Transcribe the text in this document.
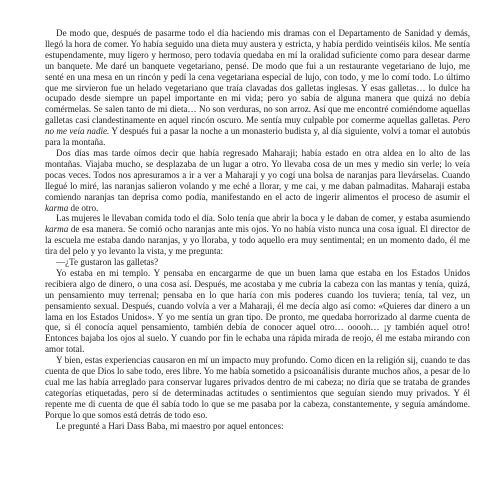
De modo que, después de pasarme todo el día haciendo mis dramas con el Departamento de Sanidad y demás, llegó la hora de comer. Yo había seguido una dieta muy austera y estricta, y había perdido veintiséis kilos. Me sentía estupendamente, muy ligero y hermoso, pero todavía quedaba en mí la oralidad suficiente como para desear darme un banquete. Me daré un banquete vegetariano, pensé. De modo que fui a un restaurante vegetariano de lujo, me senté en una mesa en un rincón y pedí la cena vegetariana especial de lujo, con todo, y me lo comí todo. Lo último que me sirvieron fue un helado vegetariano que traía clavadas dos galletas inglesas. Y esas galletas… lo dulce ha ocupado desde siempre un papel importante en mi vida; pero yo sabía de alguna manera que quizá no debía comérmelas. Se salen tanto de mi dieta… No son verduras, no son arroz. Así que me encontré comiéndome aquellas galletas casi clandestinamente en aquel rincón oscuro. Me sentía muy culpable por comerme aquellas galletas. Pero no me veía nadie. Y después fui a pasar la noche a un monasterio budista y, al día siguiente, volví a tomar el autobús para la montaña.

Dos días mas tarde oímos decir que había regresado Maharaji; había estado en otra aldea en lo alto de las montañas. Viajaba mucho, se desplazaba de un lugar a otro. Yo llevaba cosa de un mes y medio sin verle; lo veía pocas veces. Todos nos apresuramos a ir a ver a Maharaji y yo cogí una bolsa de naranjas para llevárselas. Cuando llegué lo miré, las naranjas salieron volando y me eché a llorar, y me cai, y me daban palmaditas. Maharaji estaba comiendo naranjas tan deprisa como podía, manifestando en el acto de ingerir alimentos el proceso de asumir el karma de otro.

Las mujeres le llevaban comida todo el día. Solo tenía que abrir la boca y le daban de comer, y estaba asumiendo karma de esa manera. Se comió ocho naranjas ante mis ojos. Yo no había visto nunca una cosa igual. El director de la escuela me estaba dando naranjas, y yo lloraba, y todo aquello era muy sentimental; en un momento dado, él me tira del pelo y yo levanto la vista, y me pregunta:

—¿Te gustaron las galletas?

Yo estaba en mi templo. Y pensaba en encargarme de que un buen lama que estaba en los Estados Unidos recibiera algo de dinero, o una cosa así. Después, me acostaba y me cubría la cabeza con las mantas y tenía, quizá, un pensamiento muy terrenal; pensaba en lo que haría con mis poderes cuando los tuviera; tenía, tal vez, un pensamiento sexual. Después, cuando volvía a ver a Maharaji, él me decía algo así como: «Quieres dar dinero a un lama en los Estados Unidos». Y yo me sentía un gran tipo. De pronto, me quedaba horrorizado al darme cuenta de que, si él conocía aquel pensamiento, también debía de conocer aquel otro… ooooh… ¡y también aquel otro! Entonces bajaba los ojos al suelo. Y cuando por fin le echaba una rápida mirada de reojo, él me estaba mirando con amor total.

Y bien, estas experiencias causaron en mí un impacto muy profundo. Como dicen en la religión sij, cuando te das cuenta de que Dios lo sabe todo, eres libre. Yo me había sometido a psicoanálisis durante muchos años, a pesar de lo cual me las había arreglado para conservar lugares privados dentro de mi cabeza; no diría que se trataba de grandes categorías etiquetadas, pero sí de determinadas actitudes o sentimientos que seguían siendo muy privados. Y él repente me di cuenta de que él sabía todo lo que se me pasaba por la cabeza, constantemente, y seguía amándome. Porque lo que somos está detrás de todo eso.

Le pregunté a Hari Dass Baba, mi maestro por aquel entonces:
